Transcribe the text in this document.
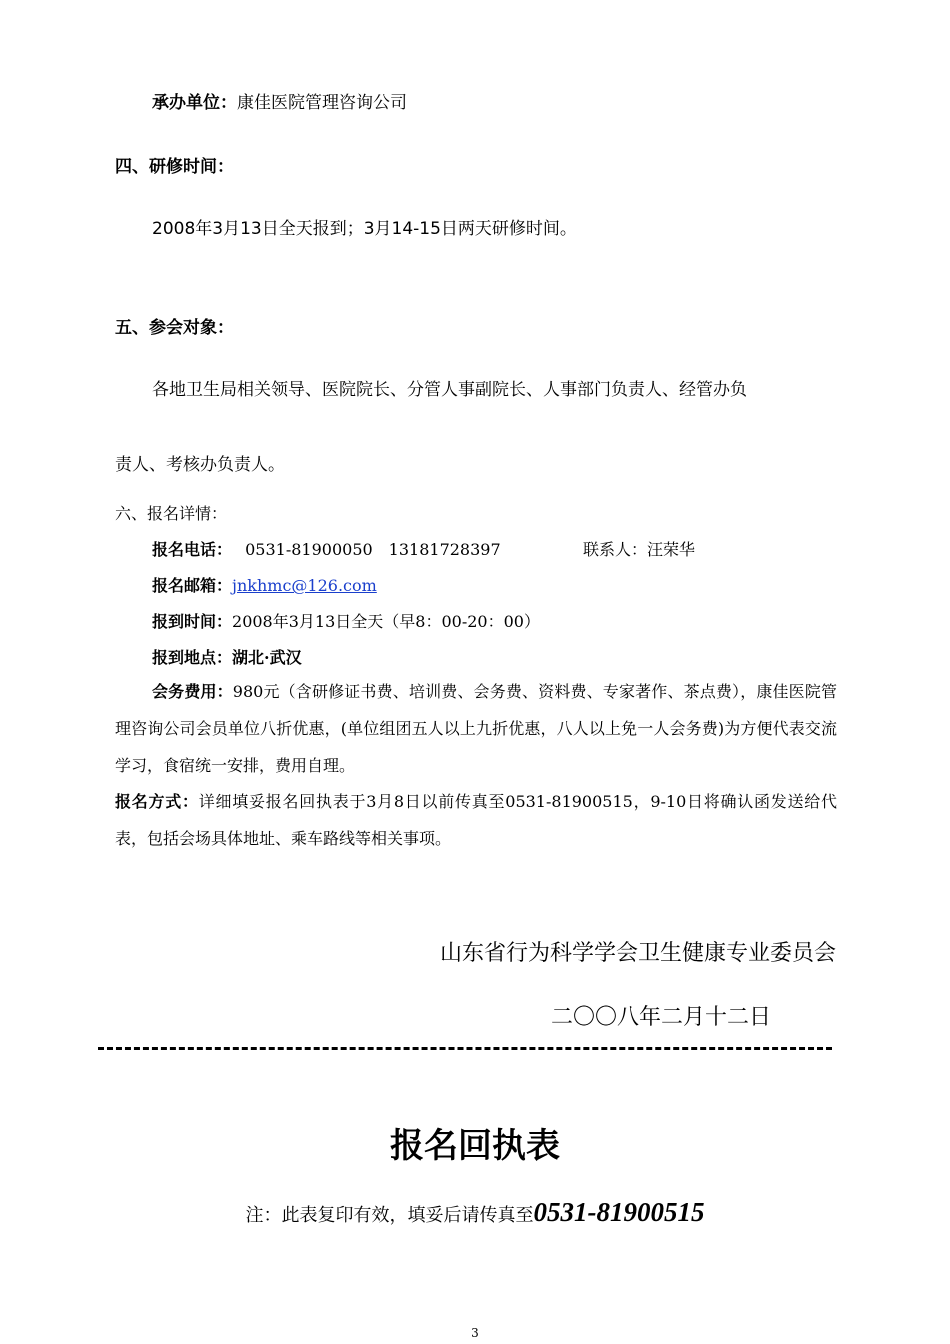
承办单位：康佳医院管理咨询公司
四、研修时间：
2008年3月13日全天报到；3月14-15日两天研修时间。
五、参会对象：
各地卫生局相关领导、医院院长、分管人事副院长、人事部门负责人、经管办负
责人、考核办负责人。
六、报名详情：
报名电话： 0531-81900050　13181728397	联系人：汪荣华
报名邮箱：jnkhmc@126.com
报到时间：2008年3月13日全天（早8：00-20：00）
报到地点：湖北·武汉
会务费用：980元（含研修证书费、培训费、会务费、资料费、专家著作、茶点费），康佳医院管理咨询公司会员单位八折优惠，(单位组团五人以上九折优惠，八人以上免一人会务费)为方便代表交流学习，食宿统一安排，费用自理。
报名方式：详细填妥报名回执表于3月8日以前传真至0531-81900515，9-10日将确认函发送给代表，包括会场具体地址、乘车路线等相关事项。
山东省行为科学学会卫生健康专业委员会
二〇〇八年二月十二日
报名回执表
注：此表复印有效，填妥后请传真至0531-81900515
3
